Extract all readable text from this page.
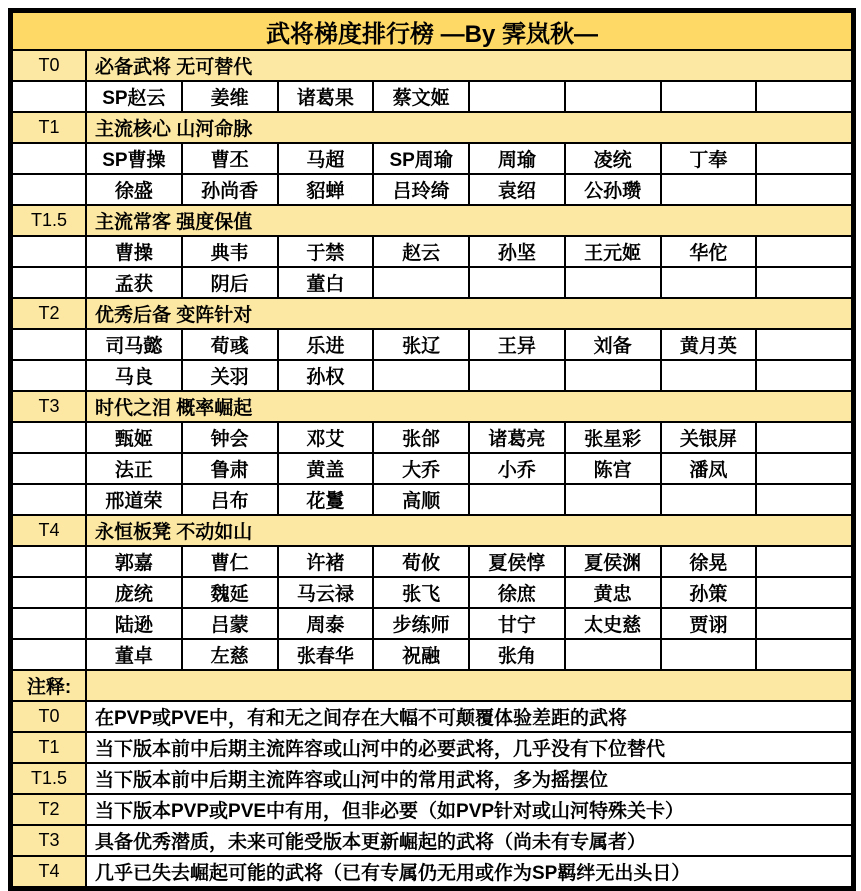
武将梯度排行榜 —By 霁岚秋—
T0	必备武将 无可替代
SP赵云	姜维	诸葛果	蔡文姬
T1	主流核心 山河命脉
SP曹操	曹丕	马超	SP周瑜	周瑜	凌统	丁奉
徐盛	孙尚香	貂蝉	吕玲绮	袁绍	公孙瓒
T1.5	主流常客 强度保值
曹操	典韦	于禁	赵云	孙坚	王元姬	华佗
孟获	阴后	董白
T2	优秀后备 变阵针对
司马懿	荀彧	乐进	张辽	王异	刘备	黄月英
马良	关羽	孙权
T3	时代之泪 概率崛起
甄姬	钟会	邓艾	张郃	诸葛亮	张星彩	关银屏
法正	鲁肃	黄盖	大乔	小乔	陈宫	潘凤
邢道荣	吕布	花鬘	高顺
T4	永恒板凳 不动如山
郭嘉	曹仁	许褚	荀攸	夏侯惇	夏侯渊	徐晃
庞统	魏延	马云禄	张飞	徐庶	黄忠	孙策
陆逊	吕蒙	周泰	步练师	甘宁	太史慈	贾诩
董卓	左慈	张春华	祝融	张角
注释:
T0	在PVP或PVE中，有和无之间存在大幅不可颠覆体验差距的武将
T1	当下版本前中后期主流阵容或山河中的必要武将，几乎没有下位替代
T1.5	当下版本前中后期主流阵容或山河中的常用武将，多为摇摆位
T2	当下版本PVP或PVE中有用，但非必要（如PVP针对或山河特殊关卡）
T3	具备优秀潜质，未来可能受版本更新崛起的武将（尚未有专属者）
T4	几乎已失去崛起可能的武将（已有专属仍无用或作为SP羁绊无出头日）
